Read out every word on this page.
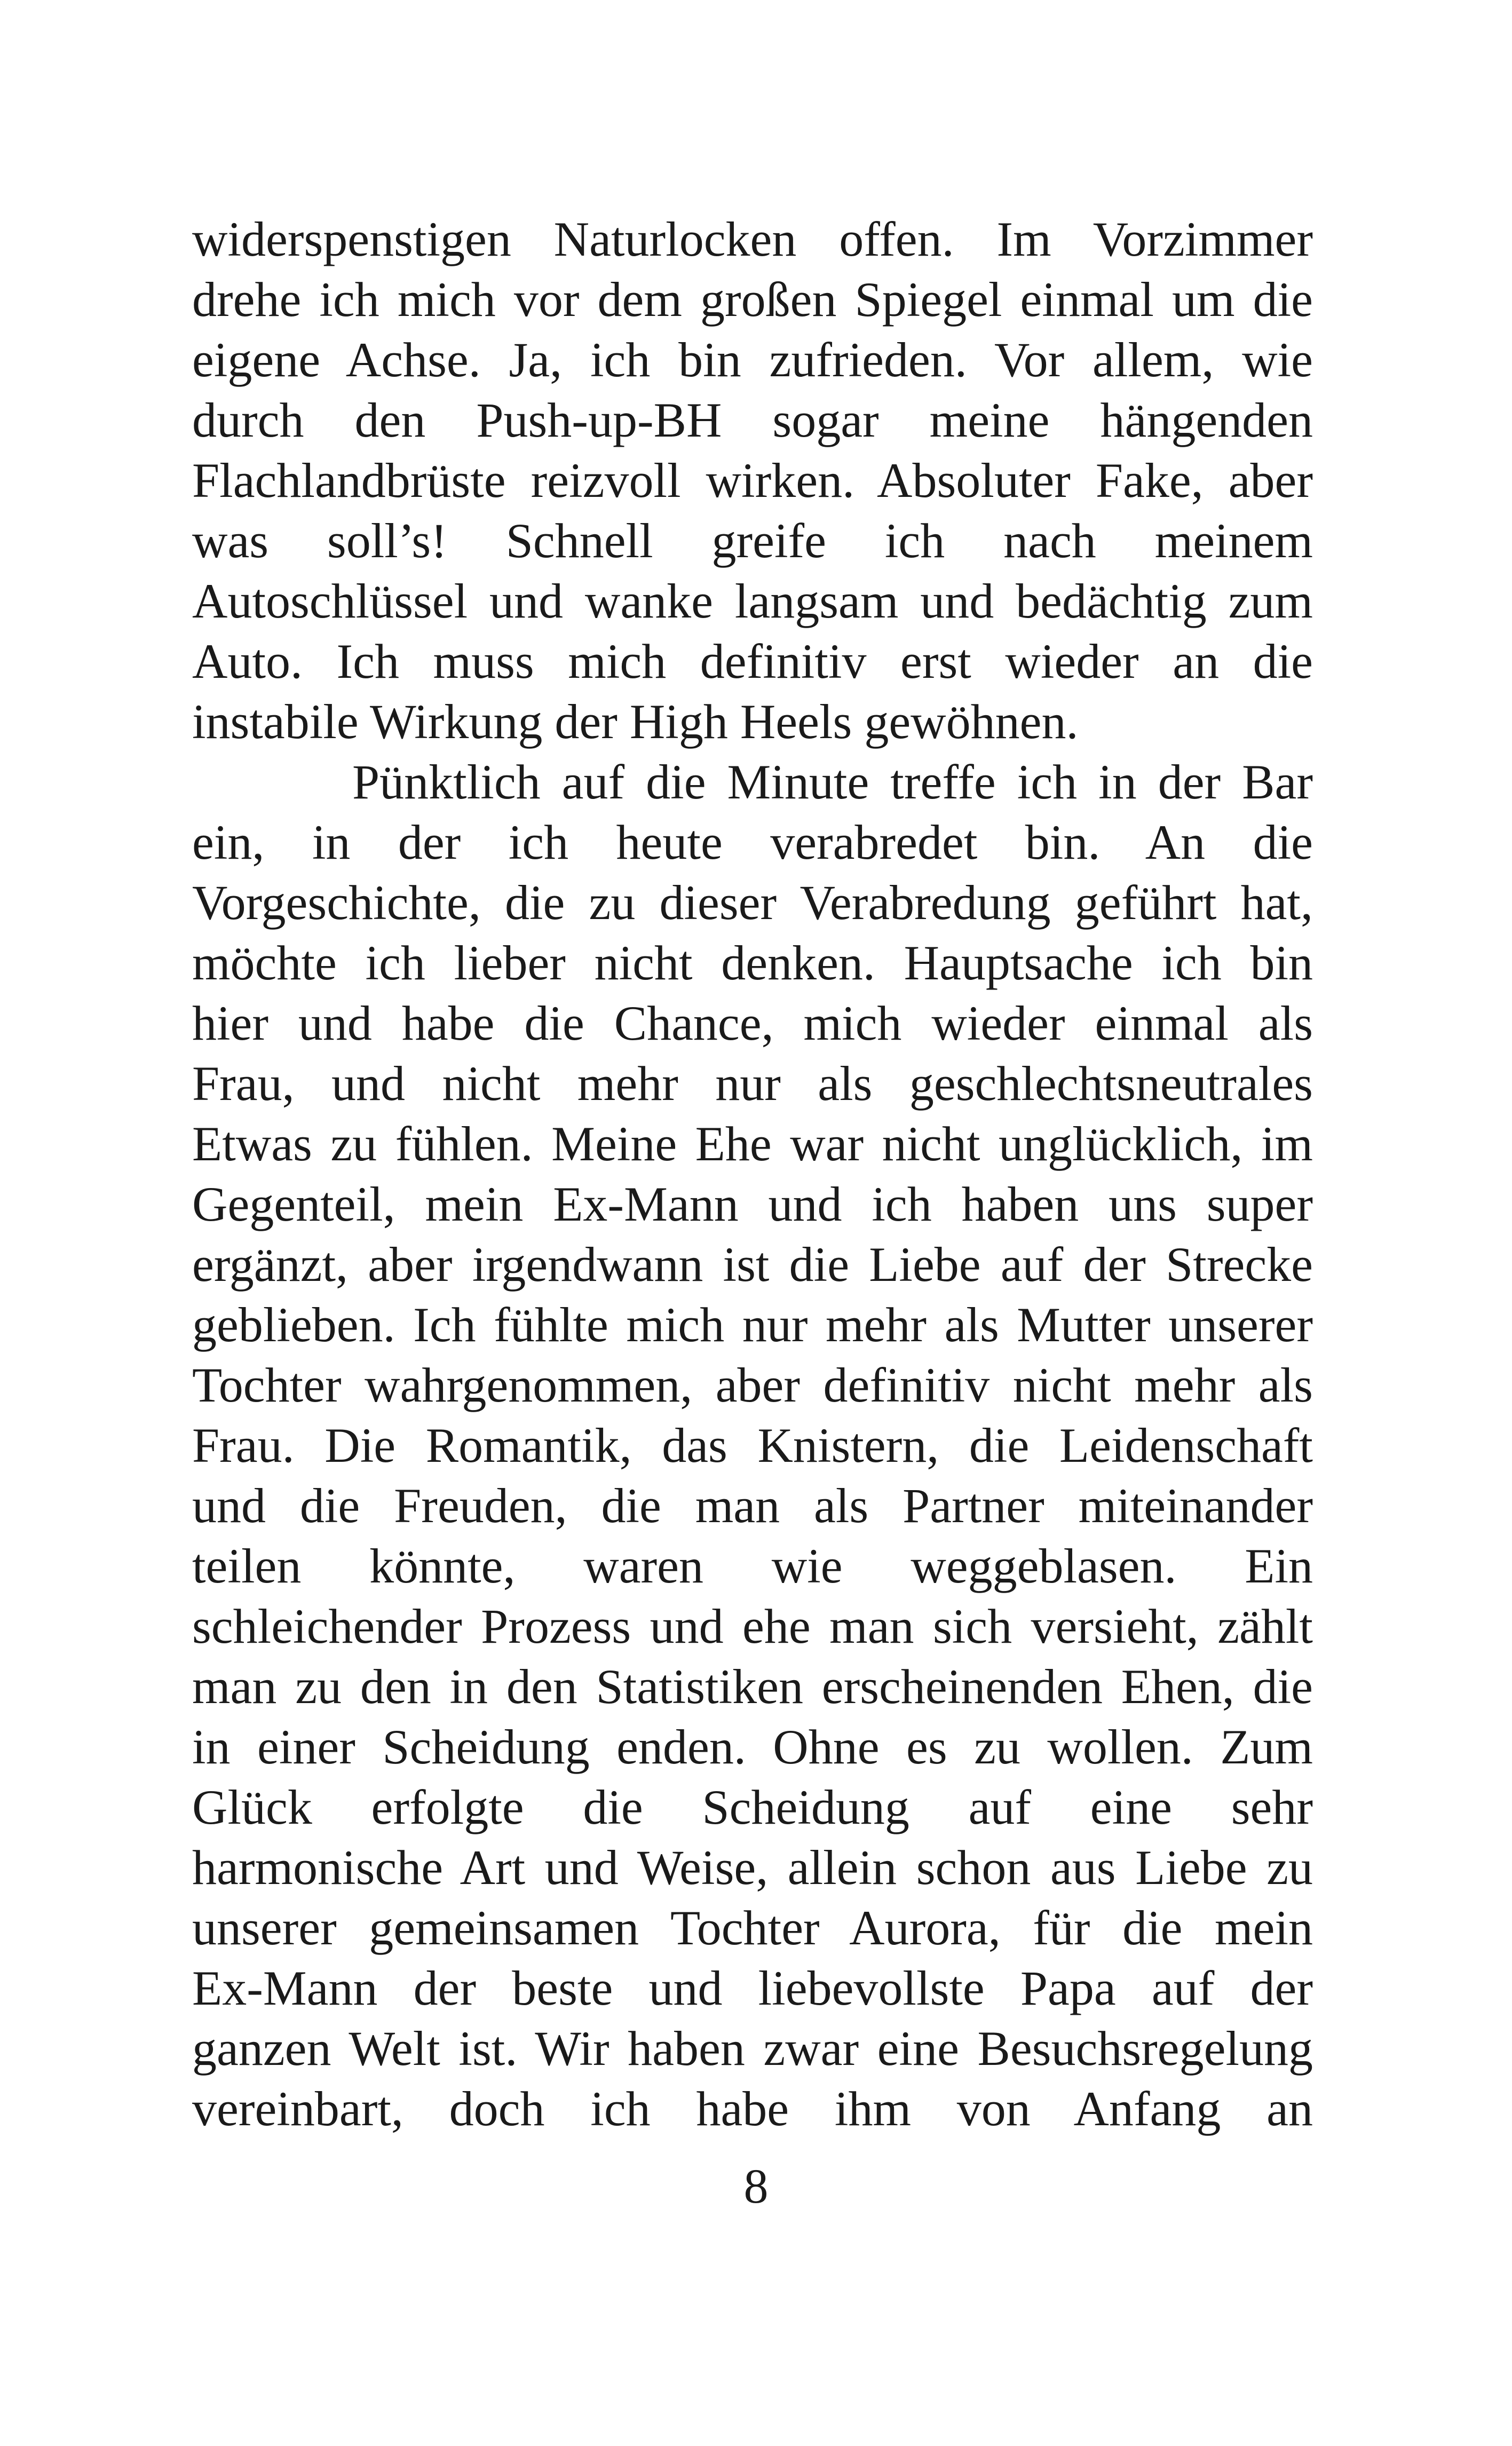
widerspenstigen Naturlocken offen. Im Vorzimmer
drehe ich mich vor dem großen Spiegel einmal um die
eigene Achse. Ja, ich bin zufrieden. Vor allem, wie
durch den Push-up-BH sogar meine hängenden
Flachlandbrüste reizvoll wirken. Absoluter Fake, aber
was soll’s! Schnell greife ich nach meinem
Autoschlüssel und wanke langsam und bedächtig zum
Auto. Ich muss mich definitiv erst wieder an die
instabile Wirkung der High Heels gewöhnen.
Pünktlich auf die Minute treffe ich in der Bar
ein, in der ich heute verabredet bin. An die
Vorgeschichte, die zu dieser Verabredung geführt hat,
möchte ich lieber nicht denken. Hauptsache ich bin
hier und habe die Chance, mich wieder einmal als
Frau, und nicht mehr nur als geschlechtsneutrales
Etwas zu fühlen. Meine Ehe war nicht unglücklich, im
Gegenteil, mein Ex-Mann und ich haben uns super
ergänzt, aber irgendwann ist die Liebe auf der Strecke
geblieben. Ich fühlte mich nur mehr als Mutter unserer
Tochter wahrgenommen, aber definitiv nicht mehr als
Frau. Die Romantik, das Knistern, die Leidenschaft
und die Freuden, die man als Partner miteinander
teilen könnte, waren wie weggeblasen. Ein
schleichender Prozess und ehe man sich versieht, zählt
man zu den in den Statistiken erscheinenden Ehen, die
in einer Scheidung enden. Ohne es zu wollen. Zum
Glück erfolgte die Scheidung auf eine sehr
harmonische Art und Weise, allein schon aus Liebe zu
unserer gemeinsamen Tochter Aurora, für die mein
Ex-Mann der beste und liebevollste Papa auf der
ganzen Welt ist. Wir haben zwar eine Besuchsregelung
vereinbart, doch ich habe ihm von Anfang an
8
